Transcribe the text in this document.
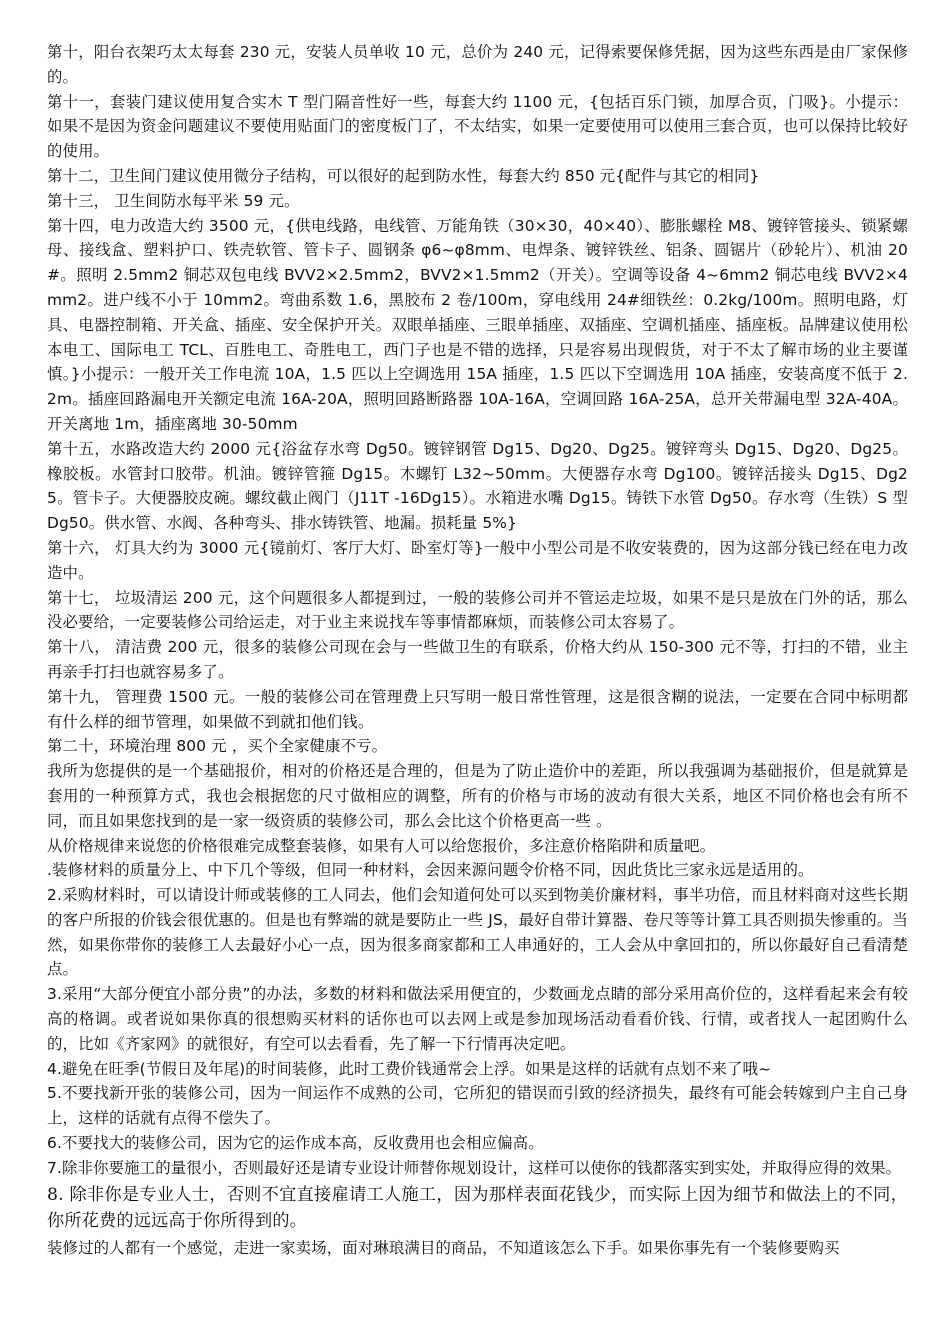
第十，阳台衣架巧太太每套 230 元，安装人员单收 10 元，总价为 240 元，记得索要保修凭据，因为这些东西是由厂家保修的。

第十一，套装门建议使用复合实木 T 型门隔音性好一些，每套大约 1100 元，{包括百乐门锁，加厚合页，门吸}。小提示：如果不是因为资金问题建议不要使用贴面门的密度板门了，不太结实，如果一定要使用可以使用三套合页，也可以保持比较好的使用。

第十二，卫生间门建议使用微分子结构，可以很好的起到防水性，每套大约 850 元{配件与其它的相同}

第十三， 卫生间防水每平米 59 元。

第十四，电力改造大约 3500 元，{供电线路，电线管、万能角铁（30×30，40×40）、膨胀螺栓 M8、镀锌管接头、锁紧螺母、接线盒、塑料护口、铁壳软管、管卡子、圆钢条 φ6~φ8mm、电焊条、镀锌铁丝、铝条、圆锯片（砂轮片）、机油 20#。照明 2.5mm2 铜芯双包电线 BVV2×2.5mm2，BVV2×1.5mm2（开关）。空调等设备 4~6mm2 铜芯电线 BVV2×4mm2。进户线不小于 10mm2。弯曲系数 1.6，黑胶布 2 卷/100m，穿电线用 24#细铁丝：0.2kg/100m。照明电路，灯具、电器控制箱、开关盒、插座、安全保护开关。双眼单插座、三眼单插座、双插座、空调机插座、插座板。品牌建议使用松本电工、国际电工 TCL、百胜电工、奇胜电工，西门子也是不错的选择，只是容易出现假货，对于不太了解市场的业主要谨慎。}小提示：一般开关工作电流 10A，1.5 匹以上空调选用 15A 插座，1.5 匹以下空调选用 10A 插座，安装高度不低于 2.2m。插座回路漏电开关额定电流 16A-20A，照明回路断路器 10A-16A，空调回路 16A-25A，总开关带漏电型 32A-40A。开关离地 1m，插座离地 30-50mm

第十五，水路改造大约 2000 元{浴盆存水弯 Dg50。镀锌钢管 Dg15、Dg20、Dg25。镀锌弯头 Dg15、Dg20、Dg25。橡胶板。水管封口胶带。机油。镀锌管箍 Dg15。木螺钉 L32~50mm。大便器存水弯 Dg100。镀锌活接头 Dg15、Dg25。管卡子。大便器胶皮碗。螺纹截止阀门（J11T -16Dg15）。水箱进水嘴 Dg15。铸铁下水管 Dg50。存水弯（生铁）S 型 Dg50。供水管、水阀、各种弯头、排水铸铁管、地漏。损耗量 5%}

第十六， 灯具大约为 3000 元{镜前灯、客厅大灯、卧室灯等}一般中小型公司是不收安装费的，因为这部分钱已经在电力改造中。

第十七， 垃圾清运 200 元，这个问题很多人都提到过，一般的装修公司并不管运走垃圾，如果不是只是放在门外的话，那么没必要给，一定要装修公司给运走，对于业主来说找车等事情都麻烦，而装修公司太容易了。

第十八， 清洁费 200 元，很多的装修公司现在会与一些做卫生的有联系，价格大约从 150-300 元不等，打扫的不错，业主再亲手打扫也就容易多了。

第十九， 管理费 1500 元。一般的装修公司在管理费上只写明一般日常性管理，这是很含糊的说法，一定要在合同中标明都有什么样的细节管理，如果做不到就扣他们钱。

第二十，环境治理 800 元 ，买个全家健康不亏。

我所为您提供的是一个基础报价，相对的价格还是合理的，但是为了防止造价中的差距，所以我强调为基础报价，但是就算是套用的一种预算方式，我也会根据您的尺寸做相应的调整，所有的价格与市场的波动有很大关系，地区不同价格也会有所不同，而且如果您找到的是一家一级资质的装修公司，那么会比这个价格更高一些 。

从价格规律来说您的价格很难完成整套装修，如果有人可以给您报价，多注意价格陷阱和质量吧。

.装修材料的质量分上、中下几个等级，但同一种材料，会因来源问题令价格不同，因此货比三家永远是适用的。

2.采购材料时，可以请设计师或装修的工人同去，他们会知道何处可以买到物美价廉材料，事半功倍，而且材料商对这些长期的客户所报的价钱会很优惠的。但是也有弊端的就是要防止一些 JS，最好自带计算器、卷尺等等计算工具否则损失惨重的。当然，如果你带你的装修工人去最好小心一点，因为很多商家都和工人串通好的，工人会从中拿回扣的，所以你最好自己看清楚点。

3.采用“大部分便宜小部分贵”的办法，多数的材料和做法采用便宜的，少数画龙点睛的部分采用高价位的，这样看起来会有较高的格调。或者说如果你真的很想购买材料的话你也可以去网上或是参加现场活动看看价钱、行情，或者找人一起团购什么的，比如《齐家网》的就很好，有空可以去看看，先了解一下行情再决定吧。

4.避免在旺季(节假日及年尾)的时间装修，此时工费价钱通常会上浮。如果是这样的话就有点划不来了哦~

5.不要找新开张的装修公司，因为一间运作不成熟的公司，它所犯的错误而引致的经济损失，最终有可能会转嫁到户主自己身上，这样的话就有点得不偿失了。

6.不要找大的装修公司，因为它的运作成本高，反收费用也会相应偏高。

7.除非你要施工的量很小，否则最好还是请专业设计师替你规划设计，这样可以使你的钱都落实到实处，并取得应得的效果。

8. 除非你是专业人士，否则不宜直接雇请工人施工，因为那样表面花钱少，而实际上因为细节和做法上的不同，你所花费的远远高于你所得到的。

装修过的人都有一个感觉，走进一家卖场，面对琳琅满目的商品，不知道该怎么下手。如果你事先有一个装修要购买
